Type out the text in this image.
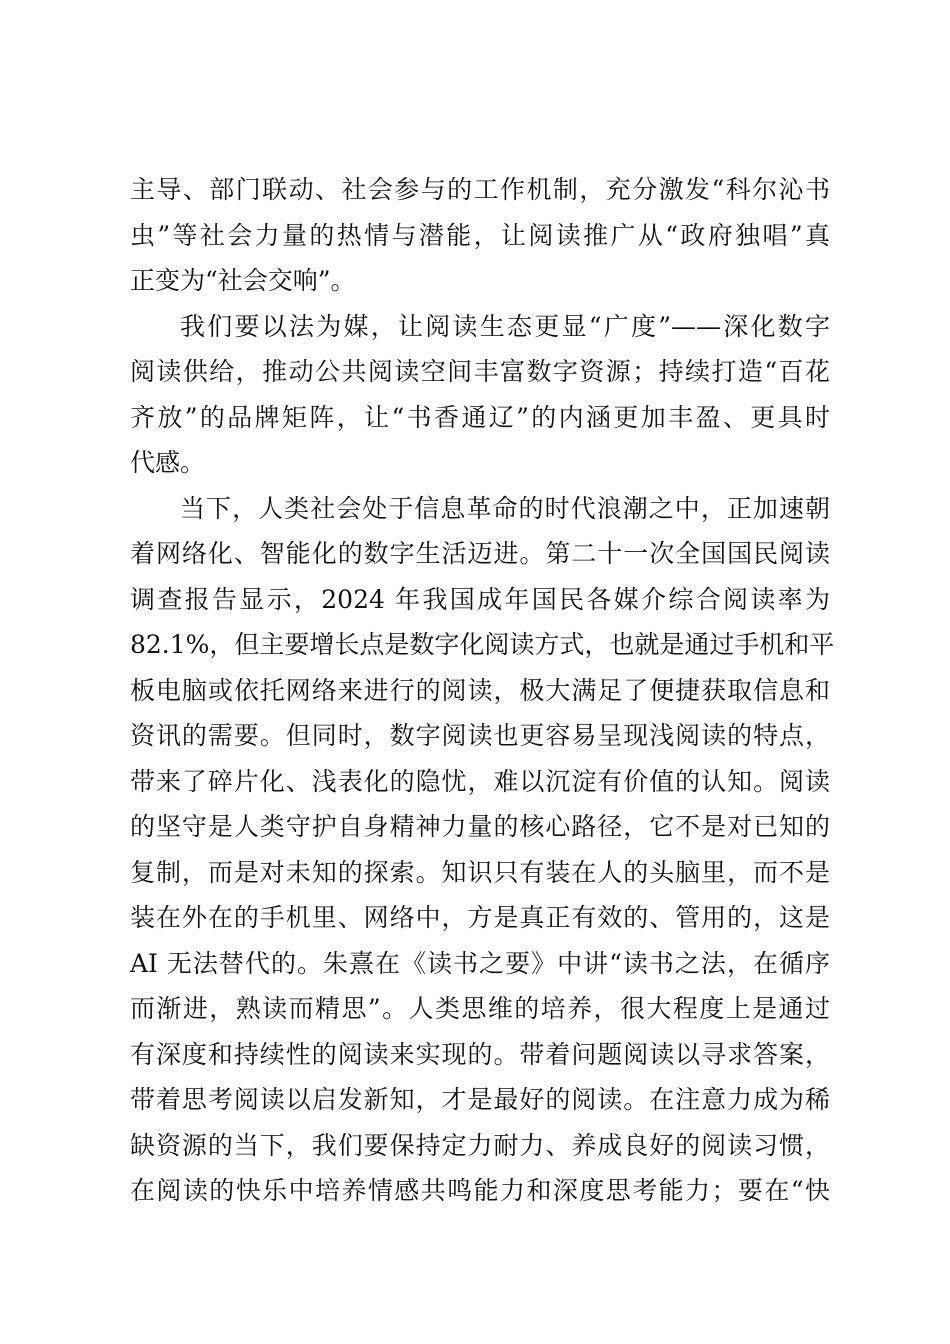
主导、部门联动、社会参与的工作机制，充分激发“科尔沁书
虫”等社会力量的热情与潜能，让阅读推广从“政府独唱”真
正变为“社会交响”。
我们要以法为媒，让阅读生态更显“广度”——深化数字
阅读供给，推动公共阅读空间丰富数字资源；持续打造“百花
齐放”的品牌矩阵，让“书香通辽”的内涵更加丰盈、更具时
代感。
当下，人类社会处于信息革命的时代浪潮之中，正加速朝
着网络化、智能化的数字生活迈进。第二十一次全国国民阅读
调查报告显示，2024 年我国成年国民各媒介综合阅读率为
82.1%，但主要增长点是数字化阅读方式，也就是通过手机和平
板电脑或依托网络来进行的阅读，极大满足了便捷获取信息和
资讯的需要。但同时，数字阅读也更容易呈现浅阅读的特点，
带来了碎片化、浅表化的隐忧，难以沉淀有价值的认知。阅读
的坚守是人类守护自身精神力量的核心路径，它不是对已知的
复制，而是对未知的探索。知识只有装在人的头脑里，而不是
装在外在的手机里、网络中，方是真正有效的、管用的，这是
AI 无法替代的。朱熹在《读书之要》中讲“读书之法，在循序
而渐进，熟读而精思”。人类思维的培养，很大程度上是通过
有深度和持续性的阅读来实现的。带着问题阅读以寻求答案，
带着思考阅读以启发新知，才是最好的阅读。在注意力成为稀
缺资源的当下，我们要保持定力耐力、养成良好的阅读习惯，
在阅读的快乐中培养情感共鸣能力和深度思考能力；要在“快
